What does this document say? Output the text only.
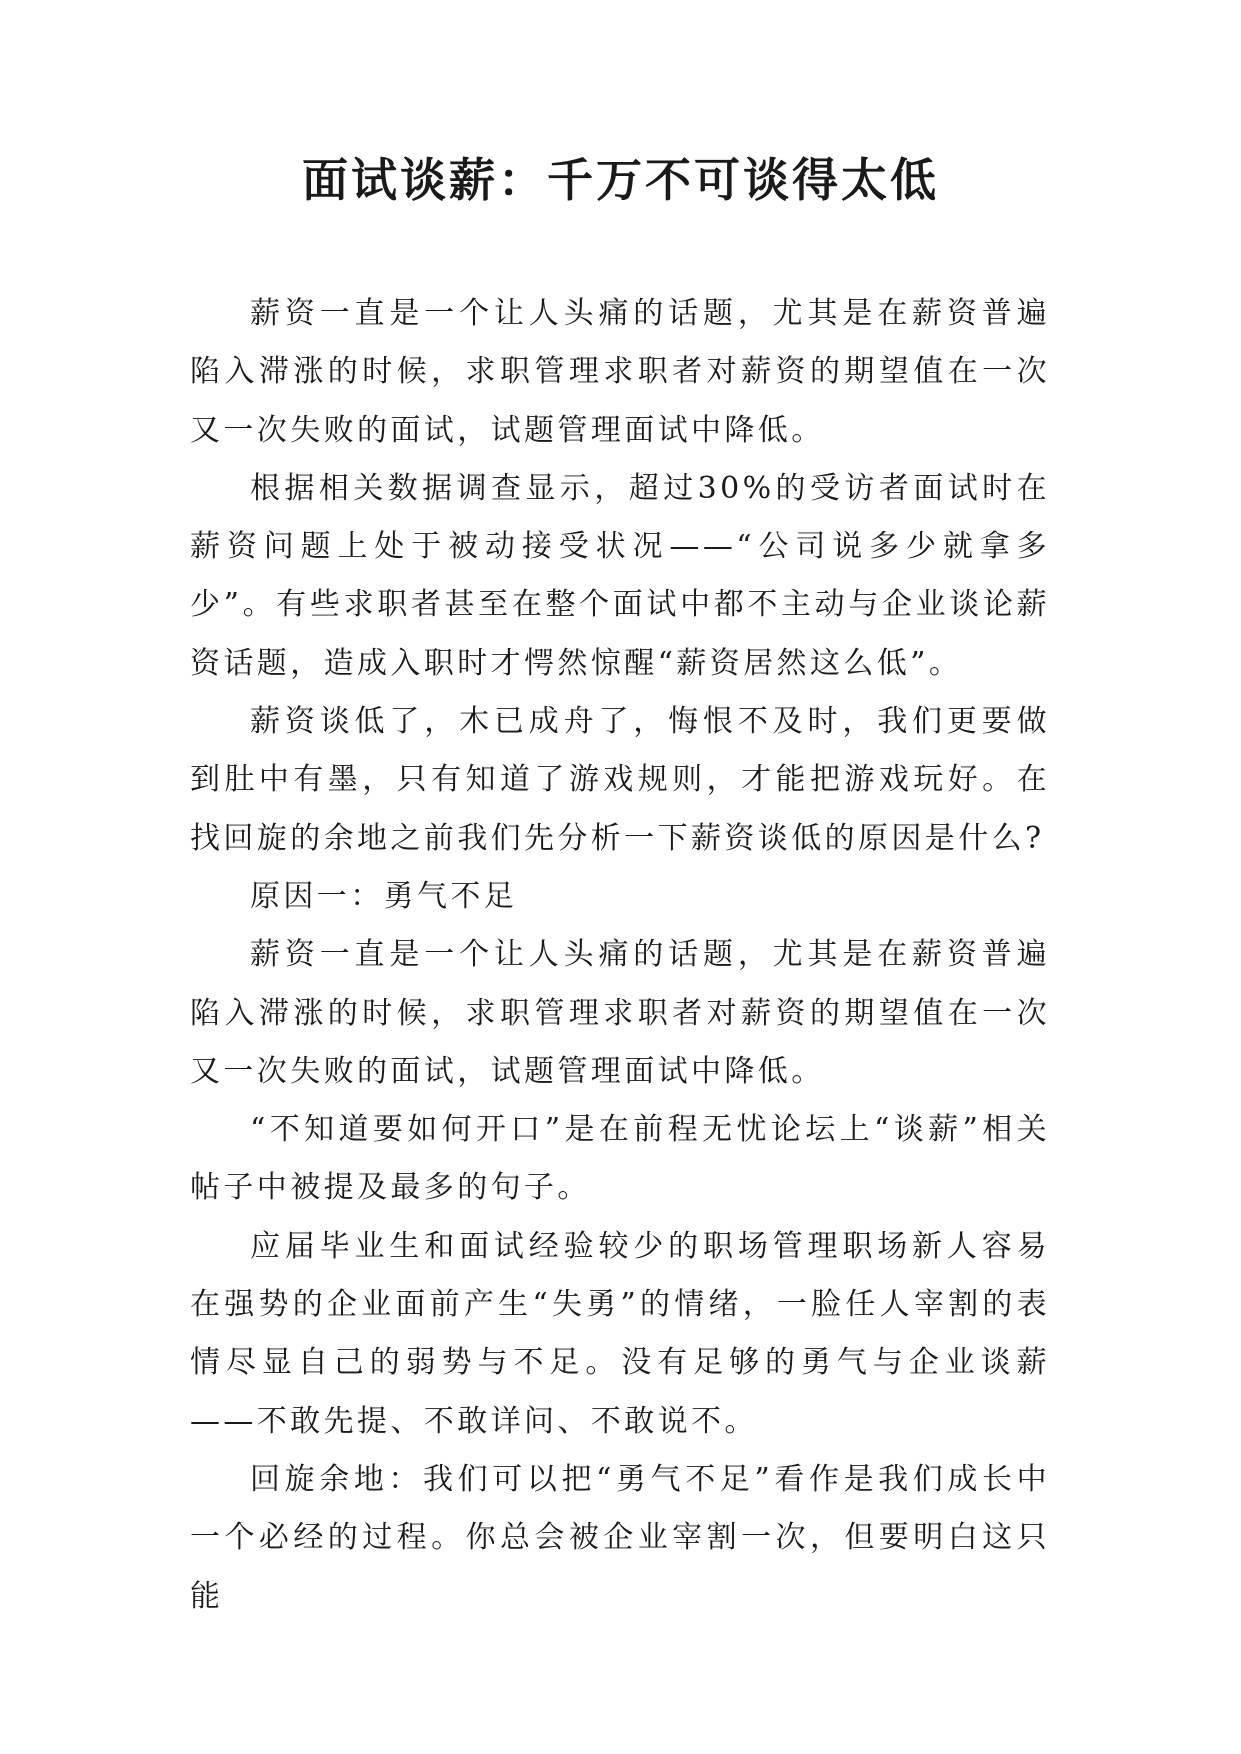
面试谈薪：千万不可谈得太低

薪资一直是一个让人头痛的话题，尤其是在薪资普遍陷入滞涨的时候，求职管理求职者对薪资的期望值在一次又一次失败的面试，试题管理面试中降低。

根据相关数据调查显示，超过30%的受访者面试时在薪资问题上处于被动接受状况——“公司说多少就拿多少”。有些求职者甚至在整个面试中都不主动与企业谈论薪资话题，造成入职时才愕然惊醒“薪资居然这么低”。

薪资谈低了，木已成舟了，悔恨不及时，我们更要做到肚中有墨，只有知道了游戏规则，才能把游戏玩好。在找回旋的余地之前我们先分析一下薪资谈低的原因是什么?

原因一：勇气不足

薪资一直是一个让人头痛的话题，尤其是在薪资普遍陷入滞涨的时候，求职管理求职者对薪资的期望值在一次又一次失败的面试，试题管理面试中降低。

“不知道要如何开口”是在前程无忧论坛上“谈薪”相关帖子中被提及最多的句子。

应届毕业生和面试经验较少的职场管理职场新人容易在强势的企业面前产生“失勇”的情绪，一脸任人宰割的表情尽显自己的弱势与不足。没有足够的勇气与企业谈薪——不敢先提、不敢详问、不敢说不。

回旋余地：我们可以把“勇气不足”看作是我们成长中一个必经的过程。你总会被企业宰割一次，但要明白这只能
